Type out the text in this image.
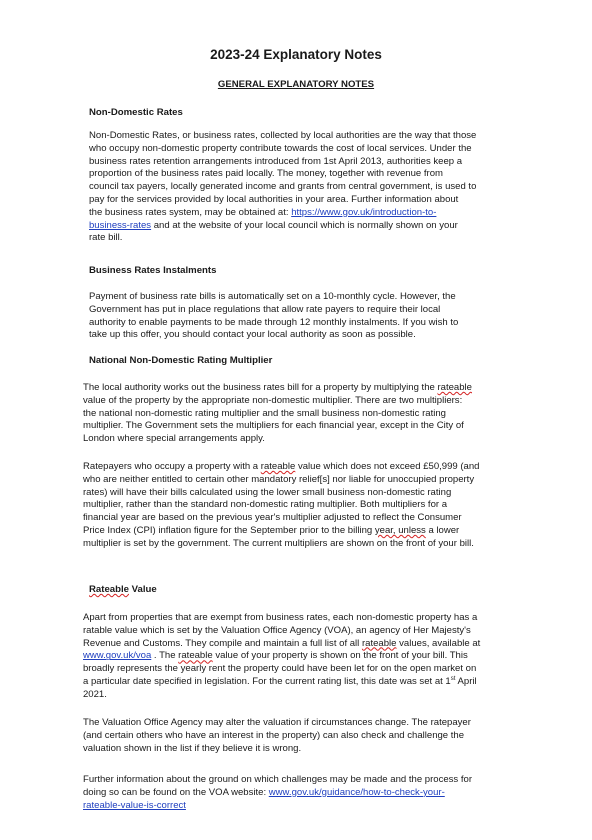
2023-24 Explanatory Notes
GENERAL EXPLANATORY NOTES
Non-Domestic Rates
Non-Domestic Rates, or business rates, collected by local authorities are the way that those
who occupy non-domestic property contribute towards the cost of local services. Under the
business rates retention arrangements introduced from 1st April 2013, authorities keep a
proportion of the business rates paid locally. The money, together with revenue from
council tax payers, locally generated income and grants from central government, is used to
pay for the services provided by local authorities in your area. Further information about
the business rates system, may be obtained at: https://www.gov.uk/introduction-to-
business-rates and at the website of your local council which is normally shown on your
rate bill.
Business Rates Instalments
Payment of business rate bills is automatically set on a 10-monthly cycle. However, the
Government has put in place regulations that allow rate payers to require their local
authority to enable payments to be made through 12 monthly instalments. If you wish to
take up this offer, you should contact your local authority as soon as possible.
National Non-Domestic Rating Multiplier
The local authority works out the business rates bill for a property by multiplying the rateable
value of the property by the appropriate non-domestic multiplier. There are two multipliers:
the national non-domestic rating multiplier and the small business non-domestic rating
multiplier. The Government sets the multipliers for each financial year, except in the City of
London where special arrangements apply.
Ratepayers who occupy a property with a rateable value which does not exceed £50,999 (and
who are neither entitled to certain other mandatory relief[s] nor liable for unoccupied property
rates) will have their bills calculated using the lower small business non-domestic rating
multiplier, rather than the standard non-domestic rating multiplier. Both multipliers for a
financial year are based on the previous year's multiplier adjusted to reflect the Consumer
Price Index (CPI) inflation figure for the September prior to the billing year, unless a lower
multiplier is set by the government. The current multipliers are shown on the front of your bill.
Rateable Value
Apart from properties that are exempt from business rates, each non-domestic property has a
ratable value which is set by the Valuation Office Agency (VOA), an agency of Her Majesty's
Revenue and Customs. They compile and maintain a full list of all rateable values, available at
www.gov.uk/voa . The rateable value of your property is shown on the front of your bill. This
broadly represents the yearly rent the property could have been let for on the open market on
a particular date specified in legislation. For the current rating list, this date was set at 1st April
2021.
The Valuation Office Agency may alter the valuation if circumstances change. The ratepayer
(and certain others who have an interest in the property) can also check and challenge the
valuation shown in the list if they believe it is wrong.
Further information about the ground on which challenges may be made and the process for
doing so can be found on the VOA website: www.gov.uk/guidance/how-to-check-your-
rateable-value-is-correct
